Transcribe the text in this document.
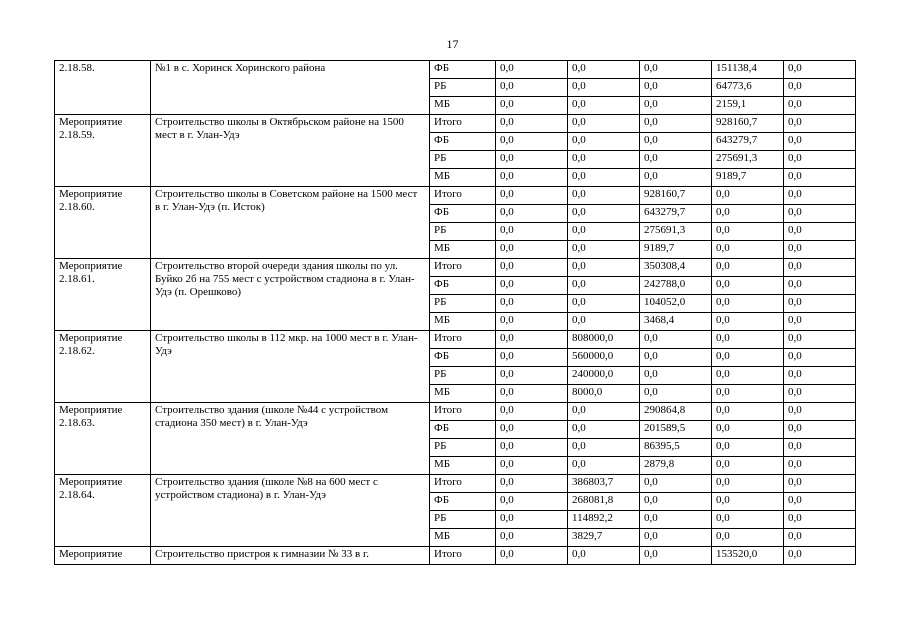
17
2.18.58.	№1 в с. Хоринск Хоринского района	ФБ	0,0	0,0	0,0	151138,4	0,0
		РБ	0,0	0,0	0,0	64773,6	0,0
		МБ	0,0	0,0	0,0	2159,1	0,0
Мероприятие 2.18.59.	Строительство школы в Октябрьском районе на 1500 мест в г. Улан-Удэ	Итого	0,0	0,0	0,0	928160,7	0,0
		ФБ	0,0	0,0	0,0	643279,7	0,0
		РБ	0,0	0,0	0,0	275691,3	0,0
		МБ	0,0	0,0	0,0	9189,7	0,0
Мероприятие 2.18.60.	Строительство школы в Советском районе на 1500 мест в г. Улан-Удэ (п. Исток)	Итого	0,0	0,0	928160,7	0,0	0,0
		ФБ	0,0	0,0	643279,7	0,0	0,0
		РБ	0,0	0,0	275691,3	0,0	0,0
		МБ	0,0	0,0	9189,7	0,0	0,0
Мероприятие 2.18.61.	Строительство второй очереди здания школы по ул. Буйко 2б на 755 мест с устройством стадиона в г. Улан-Удэ (п. Орешково)	Итого	0,0	0,0	350308,4	0,0	0,0
		ФБ	0,0	0,0	242788,0	0,0	0,0
		РБ	0,0	0,0	104052,0	0,0	0,0
		МБ	0,0	0,0	3468,4	0,0	0,0
Мероприятие 2.18.62.	Строительство школы в 112 мкр. на 1000 мест в г. Улан-Удэ	Итого	0,0	808000,0	0,0	0,0	0,0
		ФБ	0,0	560000,0	0,0	0,0	0,0
		РБ	0,0	240000,0	0,0	0,0	0,0
		МБ	0,0	8000,0	0,0	0,0	0,0
Мероприятие 2.18.63.	Строительство здания (школе №44 с устройством стадиона 350 мест) в г. Улан-Удэ	Итого	0,0	0,0	290864,8	0,0	0,0
		ФБ	0,0	0,0	201589,5	0,0	0,0
		РБ	0,0	0,0	86395,5	0,0	0,0
		МБ	0,0	0,0	2879,8	0,0	0,0
Мероприятие 2.18.64.	Строительство здания (школе №8 на 600 мест с устройством стадиона) в г. Улан-Удэ	Итого	0,0	386803,7	0,0	0,0	0,0
		ФБ	0,0	268081,8	0,0	0,0	0,0
		РБ	0,0	114892,2	0,0	0,0	0,0
		МБ	0,0	3829,7	0,0	0,0	0,0
Мероприятие	Строительство пристроя к гимназии № 33 в г.	Итого	0,0	0,0	0,0	153520,0	0,0
